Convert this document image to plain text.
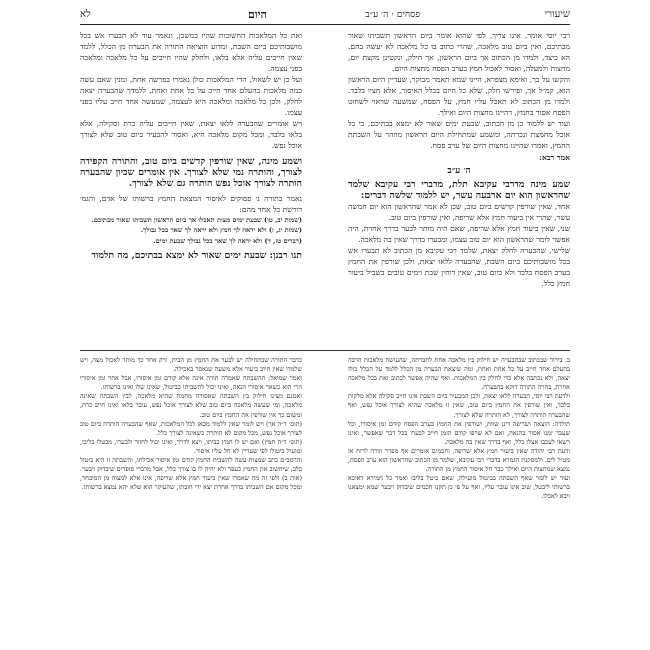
שיעורי
פסחים · ה׳ ע״ב
היום
לא

רבי יוסי אומר, אינו צריך, לפי שהוא אומר ביום הראשון תשביתו שאור מבתיכם, ואין ביום טוב מלאכה, שהרי כתוב בו כל מלאכה לא יעשה בהם. הא כיצד, ולמדו מן הכתוב אך ביום הראשון, אך חילק, ונקטינן מקצת יום, מחצות ולמעלה, ואסור לאכול חמץ בערב הפסח מחצות היום.

והקשו על כך, ואימא מצפרא, היינו שמא תאמר מבוקר, שעדיין היום הראשון הוא, קמ״ל אך, ופירשו חלק, שלא כל היום בכלל האיסור, אלא חציו בלבד. ולמדו מן הכתוב לא תאכל עליו חמץ, על הפסח, שמשעה שראוי לשחוט הפסח אסור בחמץ, דהיינו מחצות היום ואילך.

ועוד יש ללמוד כן מן הכתוב, שבעת ימים שאור לא ימצא בבתיכם, כי כל אוכל מחמצת ונכרתה, ומשמע שמתחילת היום הראשון מוזהר על השבתת החמץ, ואמרו שהיינו מחצות היום של ערב פסח.

אמר רבא:

ה׳ ע״ב

שמע מינה מדרבי עקיבא תלת, מדברי רבי עקיבא שלמד שהראשון הוא יום ארבעה עשר, יש ללמוד שלשה דברים:

אחד, שאין שורפין קדשים ביום טוב, שכן לא אמר שהראשון הוא יום חמשה עשר, שהרי אין ביעור חמץ אלא שריפה, ואין שורפין ביום טוב.

שני, שאין ביעור חמץ אלא שריפה, שאם היה מותר לבער בדרך אחרת, היה אפשר לומר שהראשון הוא יום טוב עצמו, ומבערו בדרך שאין בה מלאכה.

שלישי, שהבערה לחלק יצאת, שלמד רבי עקיבא מן הכתוב לא תבערו אש בכל מושבותיכם ביום השבת, שהבערה ללאו יצאת, ולכן שורפין את החמץ בערב הפסח בלבד ולא ביום טוב, שאין דוחין שבת וימים טובים בשביל ביעור חמץ כלל.

ואת כל המלאכות החשובות שהיו במשכן, ונאמר עוד לא תבערו אש בכל מושבותיכם ביום השבת, ומדוע הוציאה התורה את הבערה מן הכלל, ללמד שאין חייבים עליה אלא בלאו, ולחלק שהיו חייבים על כל מלאכה ומלאכה בפני עצמה.

ועל כן יש לשאול, הרי המלאכות כולן נאמרו בפרשה אחת, ומנין שאם עשה כמה מלאכות בהעלם אחד חייב על כל אחת ואחת, ללמדך שהבערה יצאה לחלק, ולכן כל מלאכה ומלאכה היא לעצמה, שמעשה אחד חייב עליו בפני עצמו.

ויש אומרים שהבערה ללאו יצאת, שאין חייבים עליה כרת וסקילה, אלא בלאו בלבד, ומכל מקום מלאכה היא, ואסור להבעיר ביום טוב שלא לצורך אוכל נפש.

ושמע מינה, שאין שורפין קדשים ביום טוב, והתורה הקפידה לצורך, והותרה נמי שלא לצורך. אין אומרים שכיון שהבערה הותרה לצורך אוכל נפש הותרה גם שלא לצורך.

נאמר בתורה ג׳ פסוקים לאיסור המצאת החמץ ברשותו של אדם, והגמ׳ דורשת כל אחד מהם:

(שמות יב, טו) שבעת ימים מצות תאכלו אך ביום הראשון תשביתו שאור מבתיכם.

(שמות יג, ז) ולא יראה לך חמץ ולא יראה לך שאר בכל גבולך.

(דברים טז, ד) ולא יראה לך שאר בכל גבולך שבעת ימים.

תנו רבנן: שבעת ימים שאור לא ימצא בבתיכם, מה תלמוד

ב. בירור שבכתוב שבהבערה יש חילוק בין מלאכה אחת לחברתה, שהעושה מלאכות הרבה בהעלם אחד חייב על כל אחת ואחת, ומה שיצאת הבערה מן הכלל ללמד על הכלל כולו יצאה, ולא נכתבה אלא כדי לחלק בין המלאכות. ואף שהיה אפשר לכתוב זאת בכל מלאכה אחרת, בחרה התורה דוקא בהבערה.

ולדעת רבי יוסי, הבערה ללאו יצאת, ולכן המבעיר ביום השבת אינו חייב סקילה אלא מלקות בלבד, ואין שורפין את החמץ ביום טוב, שאין זו מלאכה שהיא לצורך אוכל נפש, ואף שהבערה הותרה לצורך, לא הותרה שלא לצורך.

תולדה: הוצאה ושריפה דינן שוות, ושורפין את החמץ בערב הפסח קודם זמן איסורו, וכל שעבר זמנו אסור בהנאה, ואם לא שרפו קודם הזמן חייב לבערו בכל דבר שאפשר, ואינו רשאי לעכבו אצלו כלל, ואף בדרך שאין בה מלאכה.

ודעת רבי יהודה שאין ביעור חמץ אלא שריפה, וחכמים אומרים אף מפרר וזורה לרוח או מטיל לים. ולמסקנת הגמרא בדברי רבי עקיבא, שלמד מן הכתוב שהראשון הוא ערב הפסח, נמצא שמחצות היום ואילך כבר חל איסור החמץ מן התורה.

ועוד יש לומר שאף השבתה בביטול מועילה, שאם ביטל בליבו ואמר כל חמירא דאיכא ברשותי ליבטל, שוב אינו עובר עליו, ואף על פי כן תקנו חכמים שיבדוק ויבער שמא ימצאנו ויבא לאכלו.

כדבר התורה שבתחילה יש לבער את החמץ מן הבית, ורק אחר כך מותר לאכול מצה, ויש שלמדו שאין חיוב ביעור אלא משעה שנאסר באכילה.

ואמר שמואל: ההשבתה שאמרה תורה אינה אלא קודם זמן איסורו, אבל אחר זמן איסורו הרי הוא כשאר איסורי הנאה, ואינו יכול להשביתו בביטול, שאינו שלו ואינו ברשותו.

ואמנם מצינו חילוק בין השבתה שאסורה מחמת שהיא מלאכה, לבין השבתה שאינה מלאכה, ומי שעשה מלאכה ביום טוב שלא לצורך אוכל נפש, עובר בלאו ואינו חייב כרת, ומשום כך אין שורפין את החמץ ביום טוב.

(תוס׳ ד״ה אך) ויש לומר שאין ללמוד מכאן לכל המלאכות, שאף שהבערה הותרה ביום טוב לצורך אוכל נפש, מכל מקום לא הותרה כשאינה לצורך כלל.

(תוס׳ ד״ה חמץ) ואם יש לו חמץ בביתו, ויצא לדרך, ואינו יכול לחזור ולבערו, מבטלו בליבו, ומועיל ביטולו לפי שעדיין לא חל עליו איסור.

והרמב״ם כתב שמצות עשה להשבית החמץ קודם זמן איסור אכילתו, והשבתה זו היא ביטול בלב, שיחשוב את החמץ כעפר ולא יהיה לו בו צורך כלל, אבל מדברי סופרים שיבדוק ויבער.

(אות ב) ולפי זה מה שאמרו שאין ביעור חמץ אלא שריפה, אינו אלא למצוה מן המובחר, ומכל מקום אם השביתו בדרך אחרת יצא ידי חובתו, שהעיקר הוא שלא יהא נמצא ברשותו.
